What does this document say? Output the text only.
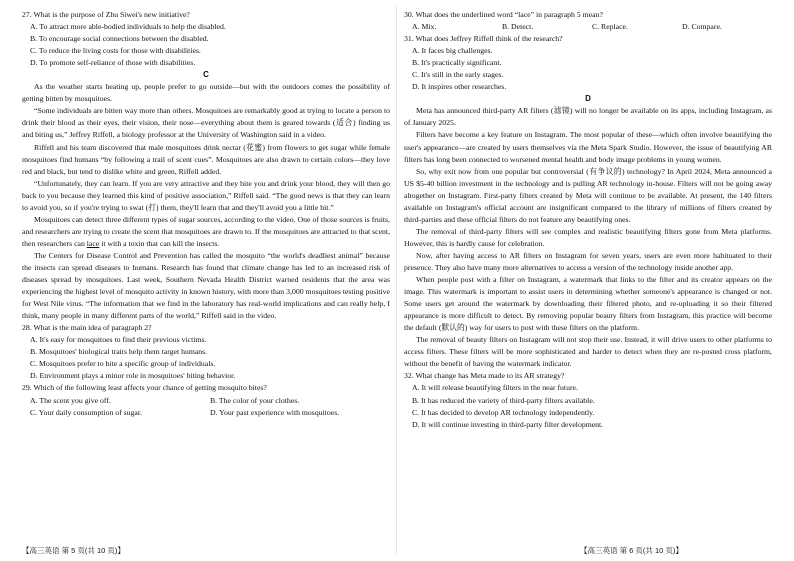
27. What is the purpose of Zhu Siwei's new initiative?

A. To attract more able-bodied individuals to help the disabled.

B. To encourage social connections between the disabled.

C. To reduce the living costs for those with disabilities.

D. To promote self-reliance of those with disabilities.

C

As the weather starts heating up, people prefer to go outside—but with the outdoors comes the possibility of getting bitten by mosquitoes.

“Some individuals are bitten way more than others. Mosquitoes are remarkably good at trying to locate a person to drink their blood as their eyes, their vision, their nose—everything about them is geared towards (适合) finding us and biting us,” Jeffrey Riffell, a biology professor at the University of Washington said in a video.

Riffell and his team discovered that male mosquitoes drink nectar (花蜜) from flowers to get sugar while female mosquitoes find humans “by following a trail of scent cues”. Mosquitoes are also drawn to certain colors—they love red and black, but tend to dislike white and green, Riffell added.

“Unfortunately, they can learn. If you are very attractive and they bite you and drink your blood, they will then go back to you because they learned this kind of positive association,” Riffell said. “The good news is that they can learn to avoid you, so if you're trying to swat (打) them, they'll learn that and they'll avoid you a little bit.”

Mosquitoes can detect three different types of sugar sources, according to the video. One of those sources is fruits, and researchers are trying to create the scent that mosquitoes are drawn to. If the mosquitoes are attracted to that scent, then researchers can lace it with a toxin that can kill the insects.

The Centers for Disease Control and Prevention has called the mosquito “the world's deadliest animal” because the insects can spread diseases to humans. Research has found that climate change has led to an increased risk of diseases spread by mosquitoes. Last week, Southern Nevada Health District warned residents that the area was experiencing the highest level of mosquito activity in known history, with more than 3,000 mosquitoes testing positive for West Nile virus. “The information that we find in the laboratory has real-world implications and can really help, I think, many people in many different parts of the world,” Riffell said in the video.

28. What is the main idea of paragraph 2?

A. It's easy for mosquitoes to find their previous victims.

B. Mosquitoes' biological traits help them target humans.

C. Mosquitoes prefer to bite a specific group of individuals.

D. Environment plays a minor role in mosquitoes' biting behavior.

29. Which of the following least affects your chance of getting mosquito bites?

A. The scent you give off.	B. The color of your clothes.
C. Your daily consumption of sugar.	D. Your past experience with mosquitoes.

30. What does the underlined word “lace” in paragraph 5 mean?

A. Mix.	B. Detect.	C. Replace.	D. Compare.

31. What does Jeffrey Riffell think of the research?

A. It faces big challenges.

B. It's practically significant.

C. It's still in the early stages.

D. It inspires other researches.

D

Meta has announced third-party AR filters (滤镜) will no longer be available on its apps, including Instagram, as of January 2025.

Filters have become a key feature on Instagram. The most popular of these—which often involve beautifying the user's appearance—are created by users themselves via the Meta Spark Studio. However, the issue of beautifying AR filters has long been connected to worsened mental health and body image problems in young women.

So, why exit now from one popular but controversial (有争议的) technology? In April 2024, Meta announced a US $5-40 billion investment in the technology and is pulling AR technology in-house. Filters will not be going away altogether on Instagram. First-party filters created by Meta will continue to be available. At present, the 140 filters available on Instagram's official account are insignificant compared to the library of millions of filters created by third-parties and these official filters do not feature any beautifying ones.

The removal of third-party filters will see complex and realistic beautifying filters gone from Meta platforms. However, this is hardly cause for celebration.

Now, after having access to AR filters on Instagram for seven years, users are even more habituated to their presence. They also have many more alternatives to access a version of the technology inside another app.

When people post with a filter on Instagram, a watermark that links to the filter and its creator appears on the image. This watermark is important to assist users in determining whether someone's appearance is changed or not. Some users get around the watermark by downloading their filtered photo, and re-uploading it so their filtered appearance is more difficult to detect. By removing popular beauty filters from Instagram, this practice will become the default (默认的) way for users to post with these filters on the platform.

The removal of beauty filters on Instagram will not stop their use. Instead, it will drive users to other platforms to access filters. These filters will be more sophisticated and harder to detect when they are re-posted cross platform, without the benefit of having the watermark indicator.

32. What change has Meta made to its AR strategy?

A. It will release beautifying filters in the near future.

B. It has reduced the variety of third-party filters available.

C. It has decided to develop AR technology independently.

D. It will continue investing in third-party filter development.

【高三英语 第 5 页(共 10 页)】	【高三英语 第 6 页(共 10 页)】
